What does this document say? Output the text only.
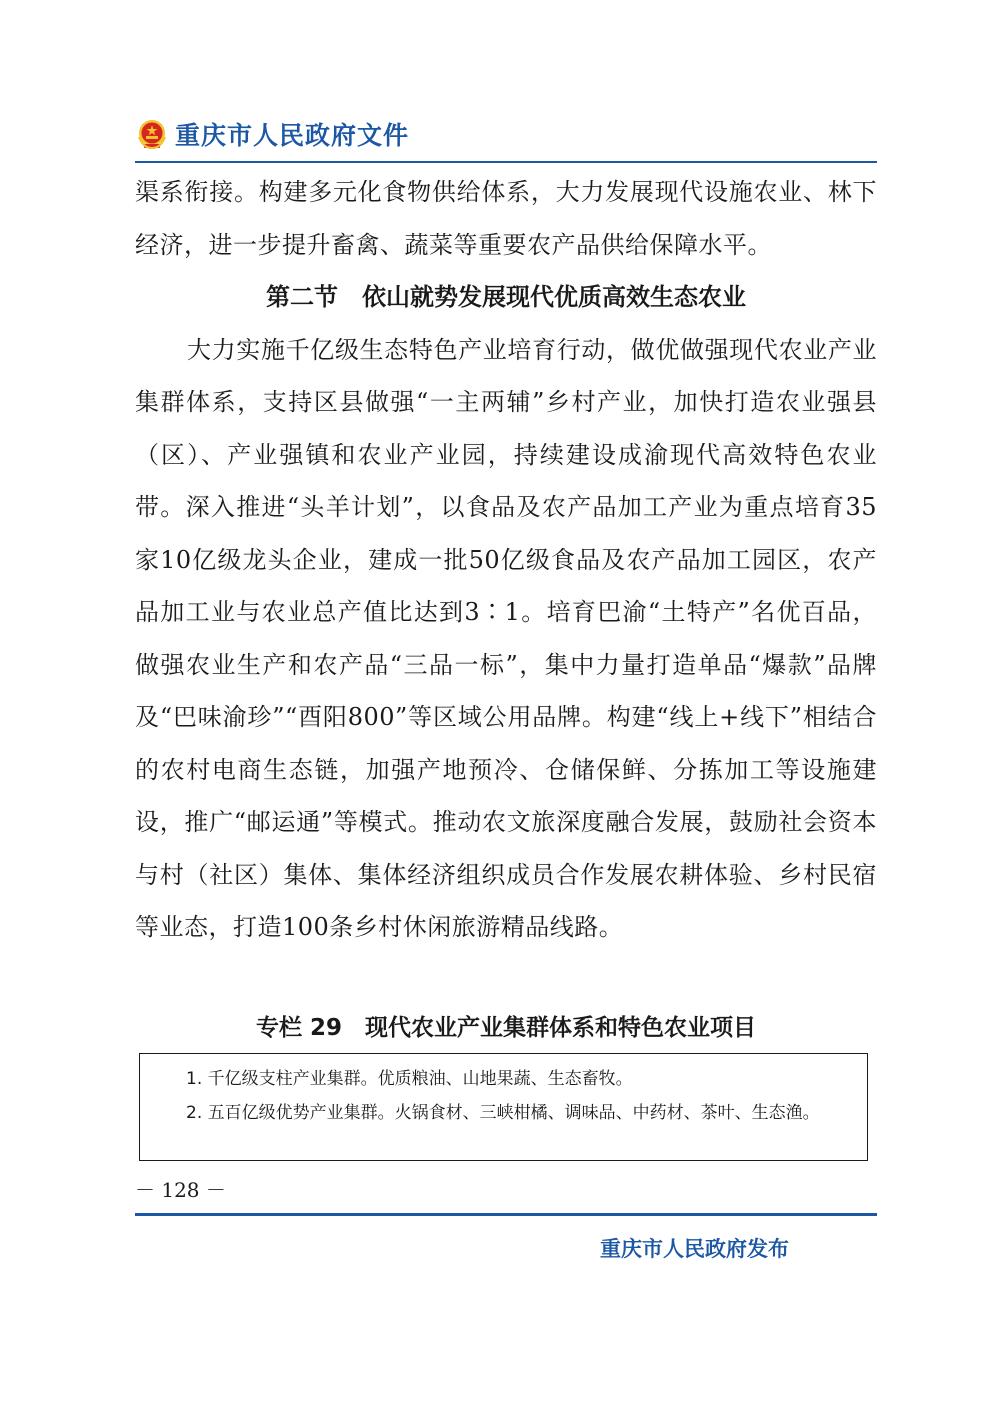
重庆市人民政府文件

渠系衔接。构建多元化食物供给体系，大力发展现代设施农业、林下经济，进一步提升畜禽、蔬菜等重要农产品供给保障水平。

第二节　依山就势发展现代优质高效生态农业

大力实施千亿级生态特色产业培育行动，做优做强现代农业产业集群体系，支持区县做强“一主两辅”乡村产业，加快打造农业强县（区）、产业强镇和农业产业园，持续建设成渝现代高效特色农业带。深入推进“头羊计划”，以食品及农产品加工产业为重点培育35家10亿级龙头企业，建成一批50亿级食品及农产品加工园区，农产品加工业与农业总产值比达到3∶1。培育巴渝“土特产”名优百品，做强农业生产和农产品“三品一标”，集中力量打造单品“爆款”品牌及“巴味渝珍”“酉阳800”等区域公用品牌。构建“线上+线下”相结合的农村电商生态链，加强产地预冷、仓储保鲜、分拣加工等设施建设，推广“邮运通”等模式。推动农文旅深度融合发展，鼓励社会资本与村（社区）集体、集体经济组织成员合作发展农耕体验、乡村民宿等业态，打造100条乡村休闲旅游精品线路。

专栏 29　现代农业产业集群体系和特色农业项目

1. 千亿级支柱产业集群。优质粮油、山地果蔬、生态畜牧。

2. 五百亿级优势产业集群。火锅食材、三峡柑橘、调味品、中药材、茶叶、生态渔。

－ 128 －
重庆市人民政府发布
